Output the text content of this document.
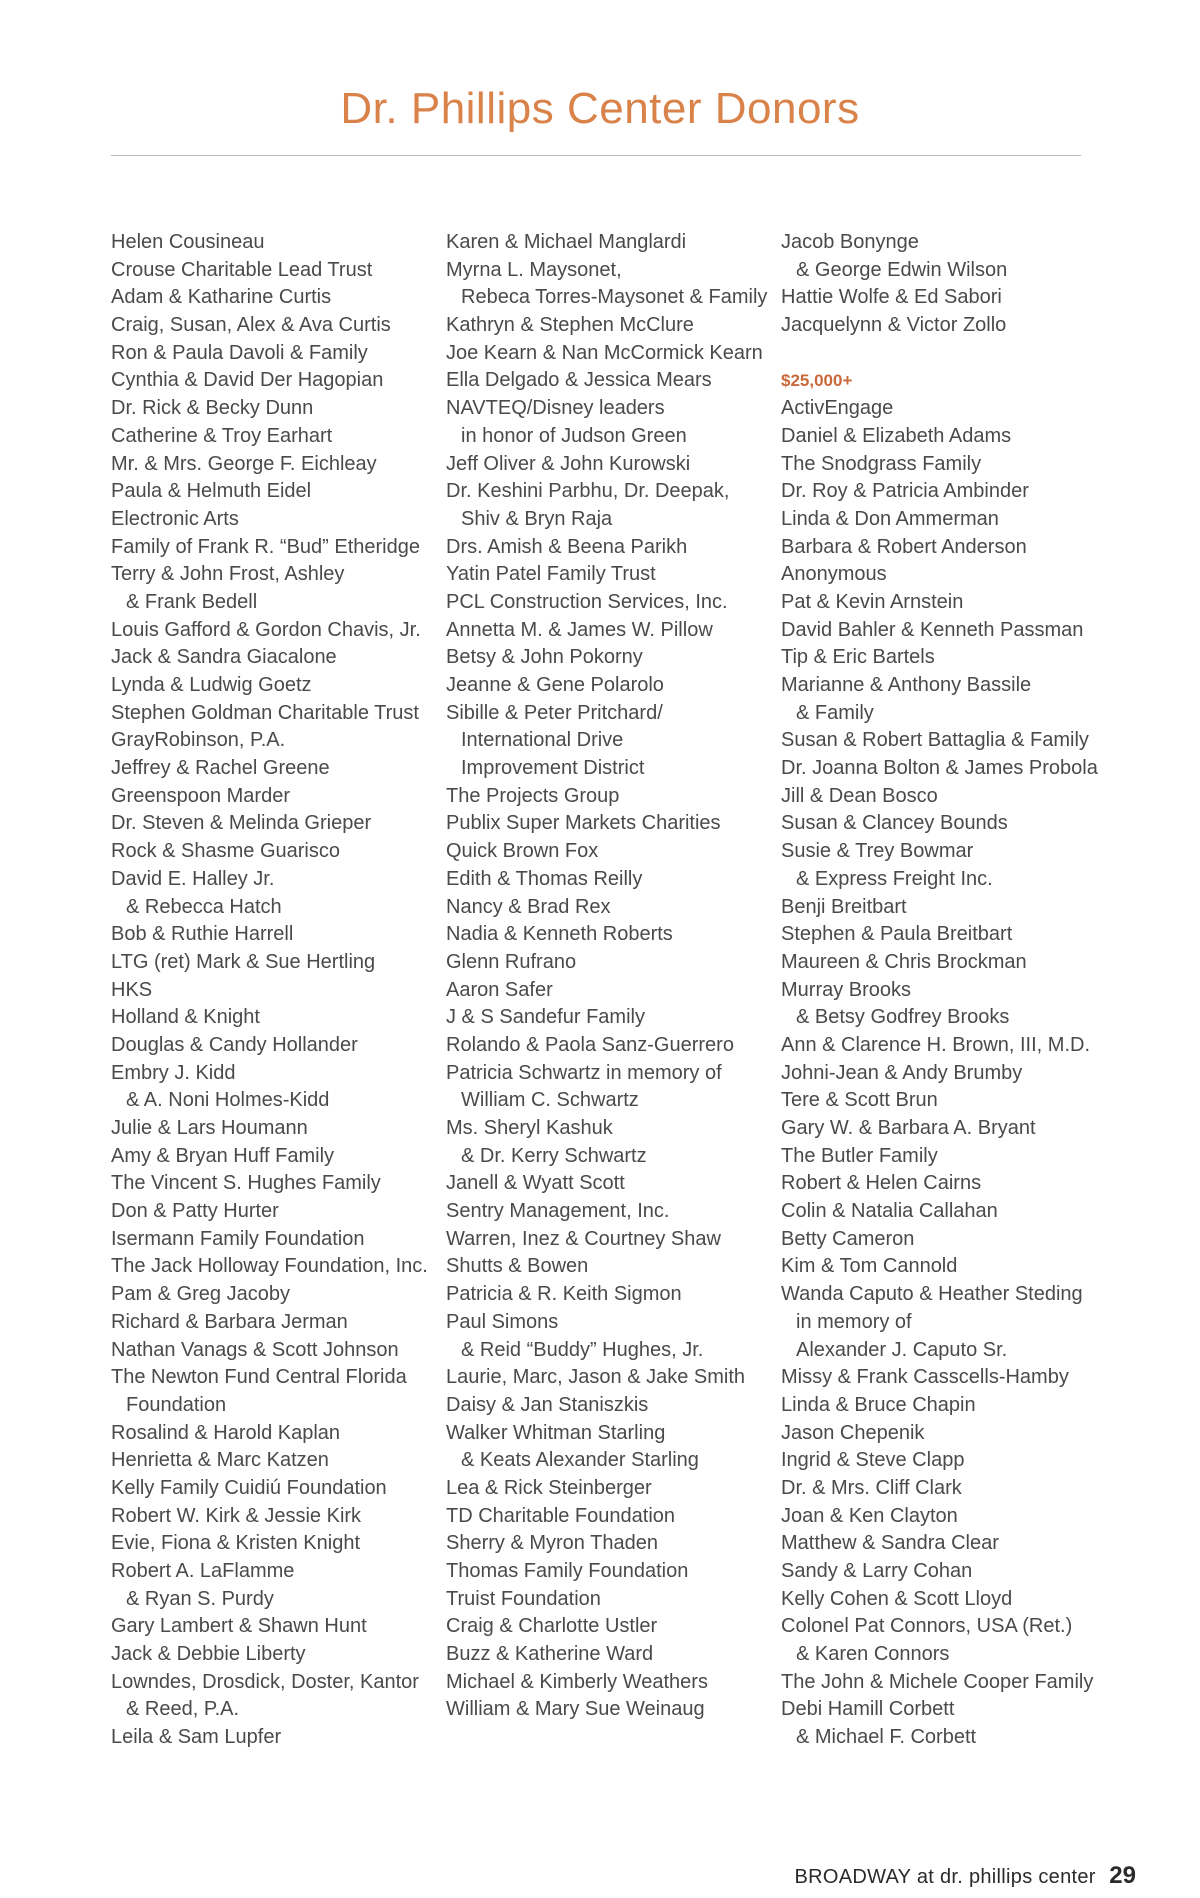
Dr. Phillips Center Donors
Helen Cousineau
Crouse Charitable Lead Trust
Adam & Katharine Curtis
Craig, Susan, Alex & Ava Curtis
Ron & Paula Davoli & Family
Cynthia & David Der Hagopian
Dr. Rick & Becky Dunn
Catherine & Troy Earhart
Mr. & Mrs. George F. Eichleay
Paula & Helmuth Eidel
Electronic Arts
Family of Frank R. “Bud” Etheridge
Terry & John Frost, Ashley
& Frank Bedell
Louis Gafford & Gordon Chavis, Jr.
Jack & Sandra Giacalone
Lynda & Ludwig Goetz
Stephen Goldman Charitable Trust
GrayRobinson, P.A.
Jeffrey & Rachel Greene
Greenspoon Marder
Dr. Steven & Melinda Grieper
Rock & Shasme Guarisco
David E. Halley Jr.
& Rebecca Hatch
Bob & Ruthie Harrell
LTG (ret) Mark & Sue Hertling
HKS
Holland & Knight
Douglas & Candy Hollander
Embry J. Kidd
& A. Noni Holmes-Kidd
Julie & Lars Houmann
Amy & Bryan Huff Family
The Vincent S. Hughes Family
Don & Patty Hurter
Isermann Family Foundation
The Jack Holloway Foundation, Inc.
Pam & Greg Jacoby
Richard & Barbara Jerman
Nathan Vanags & Scott Johnson
The Newton Fund Central Florida
Foundation
Rosalind & Harold Kaplan
Henrietta & Marc Katzen
Kelly Family Cuidiú Foundation
Robert W. Kirk & Jessie Kirk
Evie, Fiona & Kristen Knight
Robert A. LaFlamme
& Ryan S. Purdy
Gary Lambert & Shawn Hunt
Jack & Debbie Liberty
Lowndes, Drosdick, Doster, Kantor
& Reed, P.A.
Leila & Sam Lupfer
Karen & Michael Manglardi
Myrna L. Maysonet,
Rebeca Torres-Maysonet & Family
Kathryn & Stephen McClure
Joe Kearn & Nan McCormick Kearn
Ella Delgado & Jessica Mears
NAVTEQ/Disney leaders
in honor of Judson Green
Jeff Oliver & John Kurowski
Dr. Keshini Parbhu, Dr. Deepak,
Shiv & Bryn Raja
Drs. Amish & Beena Parikh
Yatin Patel Family Trust
PCL Construction Services, Inc.
Annetta M. & James W. Pillow
Betsy & John Pokorny
Jeanne & Gene Polarolo
Sibille & Peter Pritchard/
International Drive
Improvement District
The Projects Group
Publix Super Markets Charities
Quick Brown Fox
Edith & Thomas Reilly
Nancy & Brad Rex
Nadia & Kenneth Roberts
Glenn Rufrano
Aaron Safer
J & S Sandefur Family
Rolando & Paola Sanz-Guerrero
Patricia Schwartz in memory of
William C. Schwartz
Ms. Sheryl Kashuk
& Dr. Kerry Schwartz
Janell & Wyatt Scott
Sentry Management, Inc.
Warren, Inez & Courtney Shaw
Shutts & Bowen
Patricia & R. Keith Sigmon
Paul Simons
& Reid “Buddy” Hughes, Jr.
Laurie, Marc, Jason & Jake Smith
Daisy & Jan Staniszkis
Walker Whitman Starling
& Keats Alexander Starling
Lea & Rick Steinberger
TD Charitable Foundation
Sherry & Myron Thaden
Thomas Family Foundation
Truist Foundation
Craig & Charlotte Ustler
Buzz & Katherine Ward
Michael & Kimberly Weathers
William & Mary Sue Weinaug
Jacob Bonynge
& George Edwin Wilson
Hattie Wolfe & Ed Sabori
Jacquelynn & Victor Zollo
$25,000+
ActivEngage
Daniel & Elizabeth Adams
The Snodgrass Family
Dr. Roy & Patricia Ambinder
Linda & Don Ammerman
Barbara & Robert Anderson
Anonymous
Pat & Kevin Arnstein
David Bahler & Kenneth Passman
Tip & Eric Bartels
Marianne & Anthony Bassile
& Family
Susan & Robert Battaglia & Family
Dr. Joanna Bolton & James Probola
Jill & Dean Bosco
Susan & Clancey Bounds
Susie & Trey Bowmar
& Express Freight Inc.
Benji Breitbart
Stephen & Paula Breitbart
Maureen & Chris Brockman
Murray Brooks
& Betsy Godfrey Brooks
Ann & Clarence H. Brown, III, M.D.
Johni-Jean & Andy Brumby
Tere & Scott Brun
Gary W. & Barbara A. Bryant
The Butler Family
Robert & Helen Cairns
Colin & Natalia Callahan
Betty Cameron
Kim & Tom Cannold
Wanda Caputo & Heather Steding
in memory of
Alexander J. Caputo Sr.
Missy & Frank Casscells-Hamby
Linda & Bruce Chapin
Jason Chepenik
Ingrid & Steve Clapp
Dr. & Mrs. Cliff Clark
Joan & Ken Clayton
Matthew & Sandra Clear
Sandy & Larry Cohan
Kelly Cohen & Scott Lloyd
Colonel Pat Connors, USA (Ret.)
& Karen Connors
The John & Michele Cooper Family
Debi Hamill Corbett
& Michael F. Corbett
BROADWAY at dr. phillips center 29
